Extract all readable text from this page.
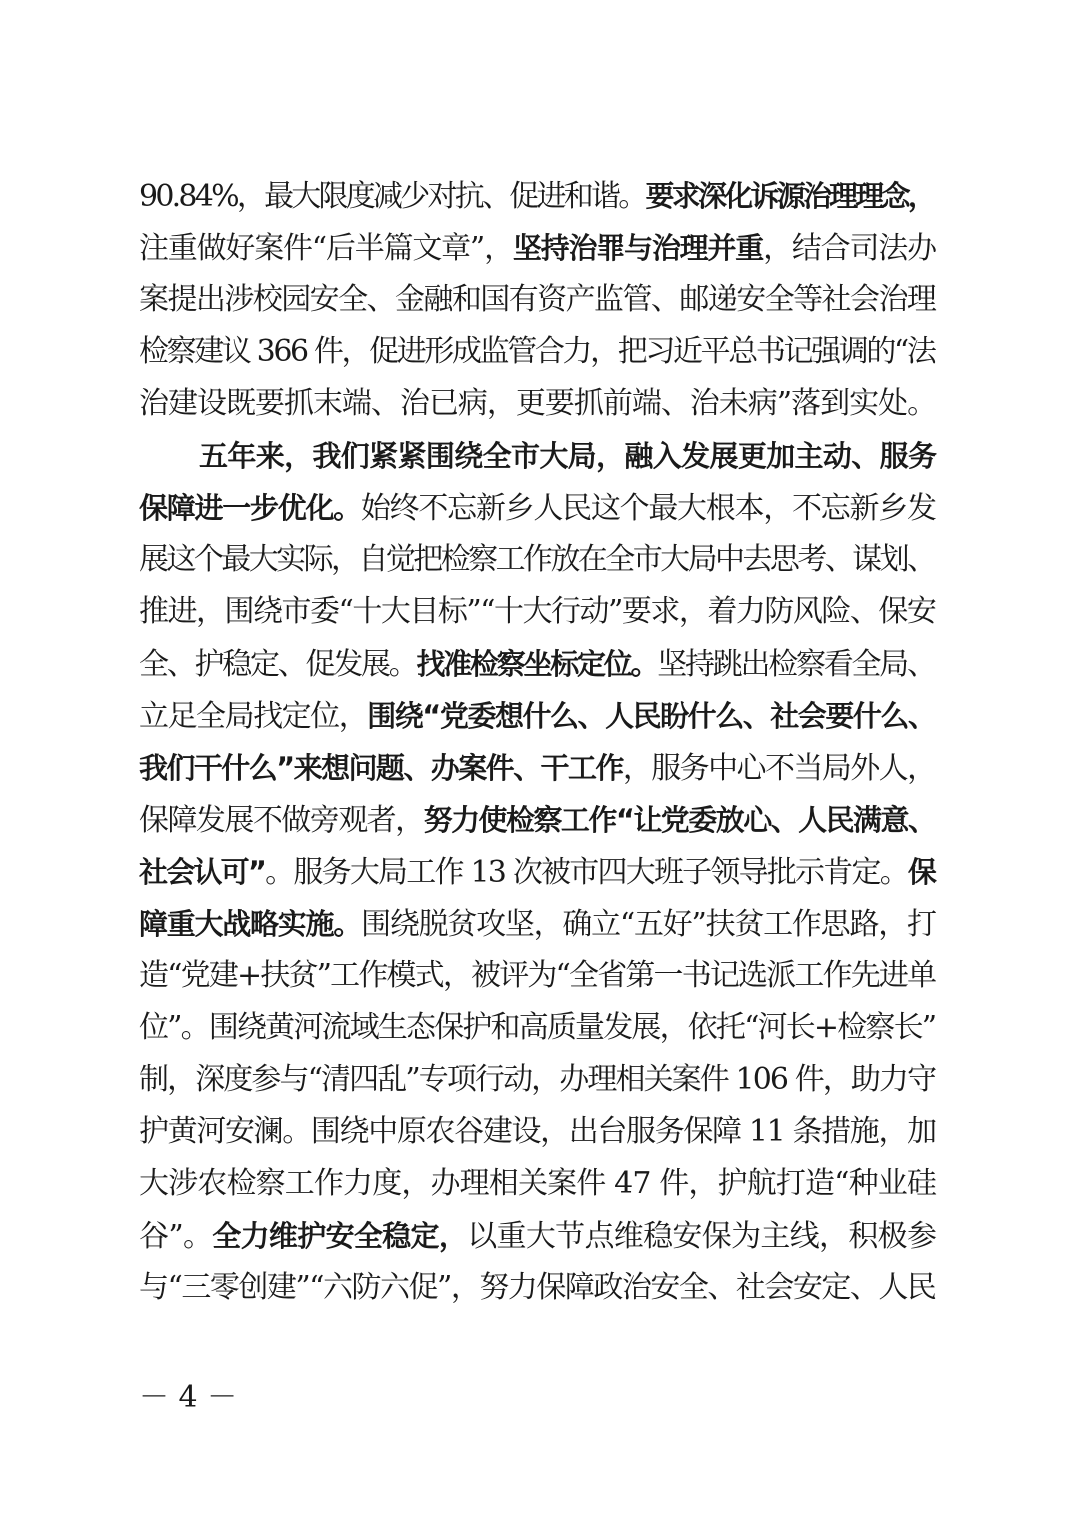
90.84%，最大限度减少对抗、促进和谐。要求深化诉源治理理念，
注重做好案件“后半篇文章”，坚持治罪与治理并重，结合司法办
案提出涉校园安全、金融和国有资产监管、邮递安全等社会治理
检察建议 366 件，促进形成监管合力，把习近平总书记强调的“法
治建设既要抓末端、治已病，更要抓前端、治未病”落到实处。
五年来，我们紧紧围绕全市大局，融入发展更加主动、服务
保障进一步优化。始终不忘新乡人民这个最大根本，不忘新乡发
展这个最大实际，自觉把检察工作放在全市大局中去思考、谋划、
推进，围绕市委“十大目标”“十大行动”要求，着力防风险、保安
全、护稳定、促发展。找准检察坐标定位。坚持跳出检察看全局、
立足全局找定位，围绕“党委想什么、人民盼什么、社会要什么、
我们干什么”来想问题、办案件、干工作，服务中心不当局外人，
保障发展不做旁观者，努力使检察工作“让党委放心、人民满意、
社会认可”。服务大局工作 13 次被市四大班子领导批示肯定。保
障重大战略实施。围绕脱贫攻坚，确立“五好”扶贫工作思路，打
造“党建+扶贫”工作模式，被评为“全省第一书记选派工作先进单
位”。围绕黄河流域生态保护和高质量发展，依托“河长+检察长”
制，深度参与“清四乱”专项行动，办理相关案件 106 件，助力守
护黄河安澜。围绕中原农谷建设，出台服务保障 11 条措施，加
大涉农检察工作力度，办理相关案件 47 件，护航打造“种业硅
谷”。全力维护安全稳定，以重大节点维稳安保为主线，积极参
与“三零创建”“六防六促”，努力保障政治安全、社会安定、人民
－ 4 －
